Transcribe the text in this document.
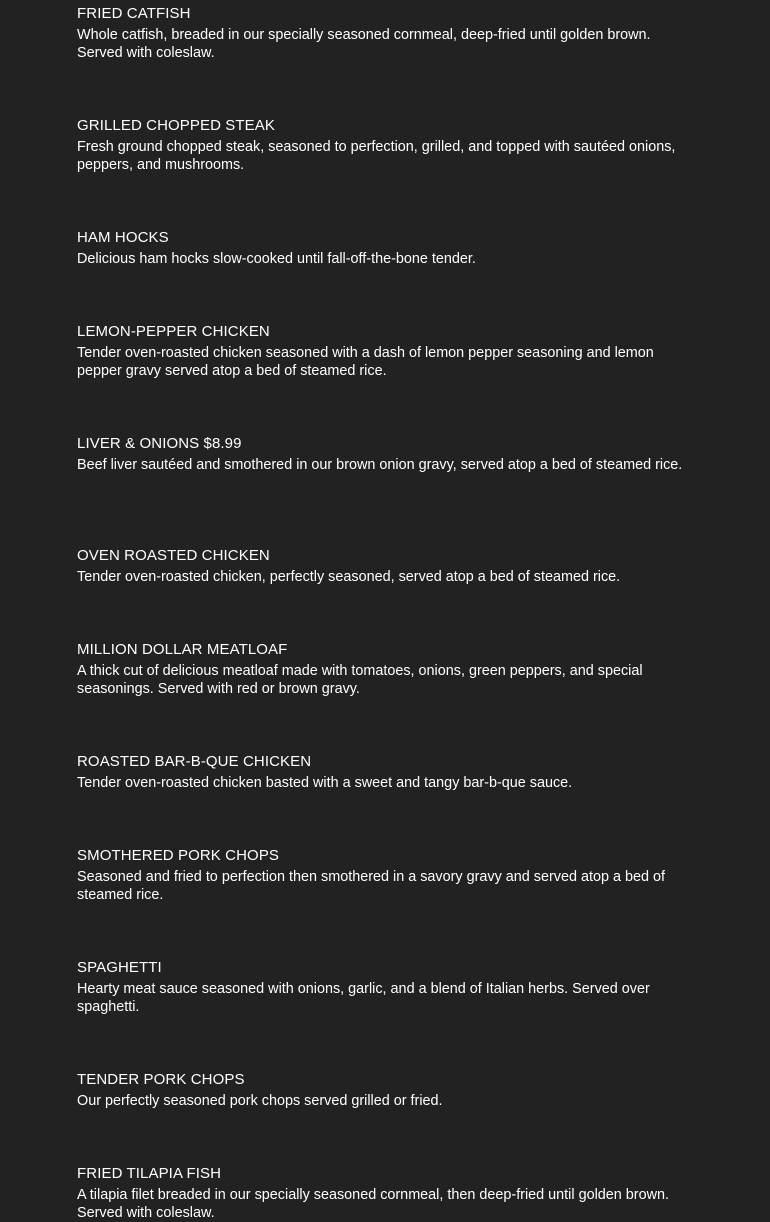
FRIED CATFISH

Whole catfish, breaded in our specially seasoned cornmeal, deep-fried until golden brown. Served with coleslaw.

GRILLED CHOPPED STEAK

Fresh ground chopped steak, seasoned to perfection, grilled, and topped with sautéed onions, peppers, and mushrooms.

HAM HOCKS

Delicious ham hocks slow-cooked until fall-off-the-bone tender.

LEMON-PEPPER CHICKEN

Tender oven-roasted chicken seasoned with a dash of lemon pepper seasoning and lemon pepper gravy served atop a bed of steamed rice.

LIVER & ONIONS $8.99

Beef liver sautéed and smothered in our brown onion gravy, served atop a bed of steamed rice.

OVEN ROASTED CHICKEN

Tender oven-roasted chicken, perfectly seasoned, served atop a bed of steamed rice.

MILLION DOLLAR MEATLOAF

A thick cut of delicious meatloaf made with tomatoes, onions, green peppers, and special seasonings. Served with red or brown gravy.

ROASTED BAR-B-QUE CHICKEN

Tender oven-roasted chicken basted with a sweet and tangy bar-b-que sauce.

SMOTHERED PORK CHOPS

Seasoned and fried to perfection then smothered in a savory gravy and served atop a bed of steamed rice.

SPAGHETTI

Hearty meat sauce seasoned with onions, garlic, and a blend of Italian herbs. Served over spaghetti.

TENDER PORK CHOPS

Our perfectly seasoned pork chops served grilled or fried.

FRIED TILAPIA FISH

A tilapia filet breaded in our specially seasoned cornmeal, then deep-fried until golden brown. Served with coleslaw.
